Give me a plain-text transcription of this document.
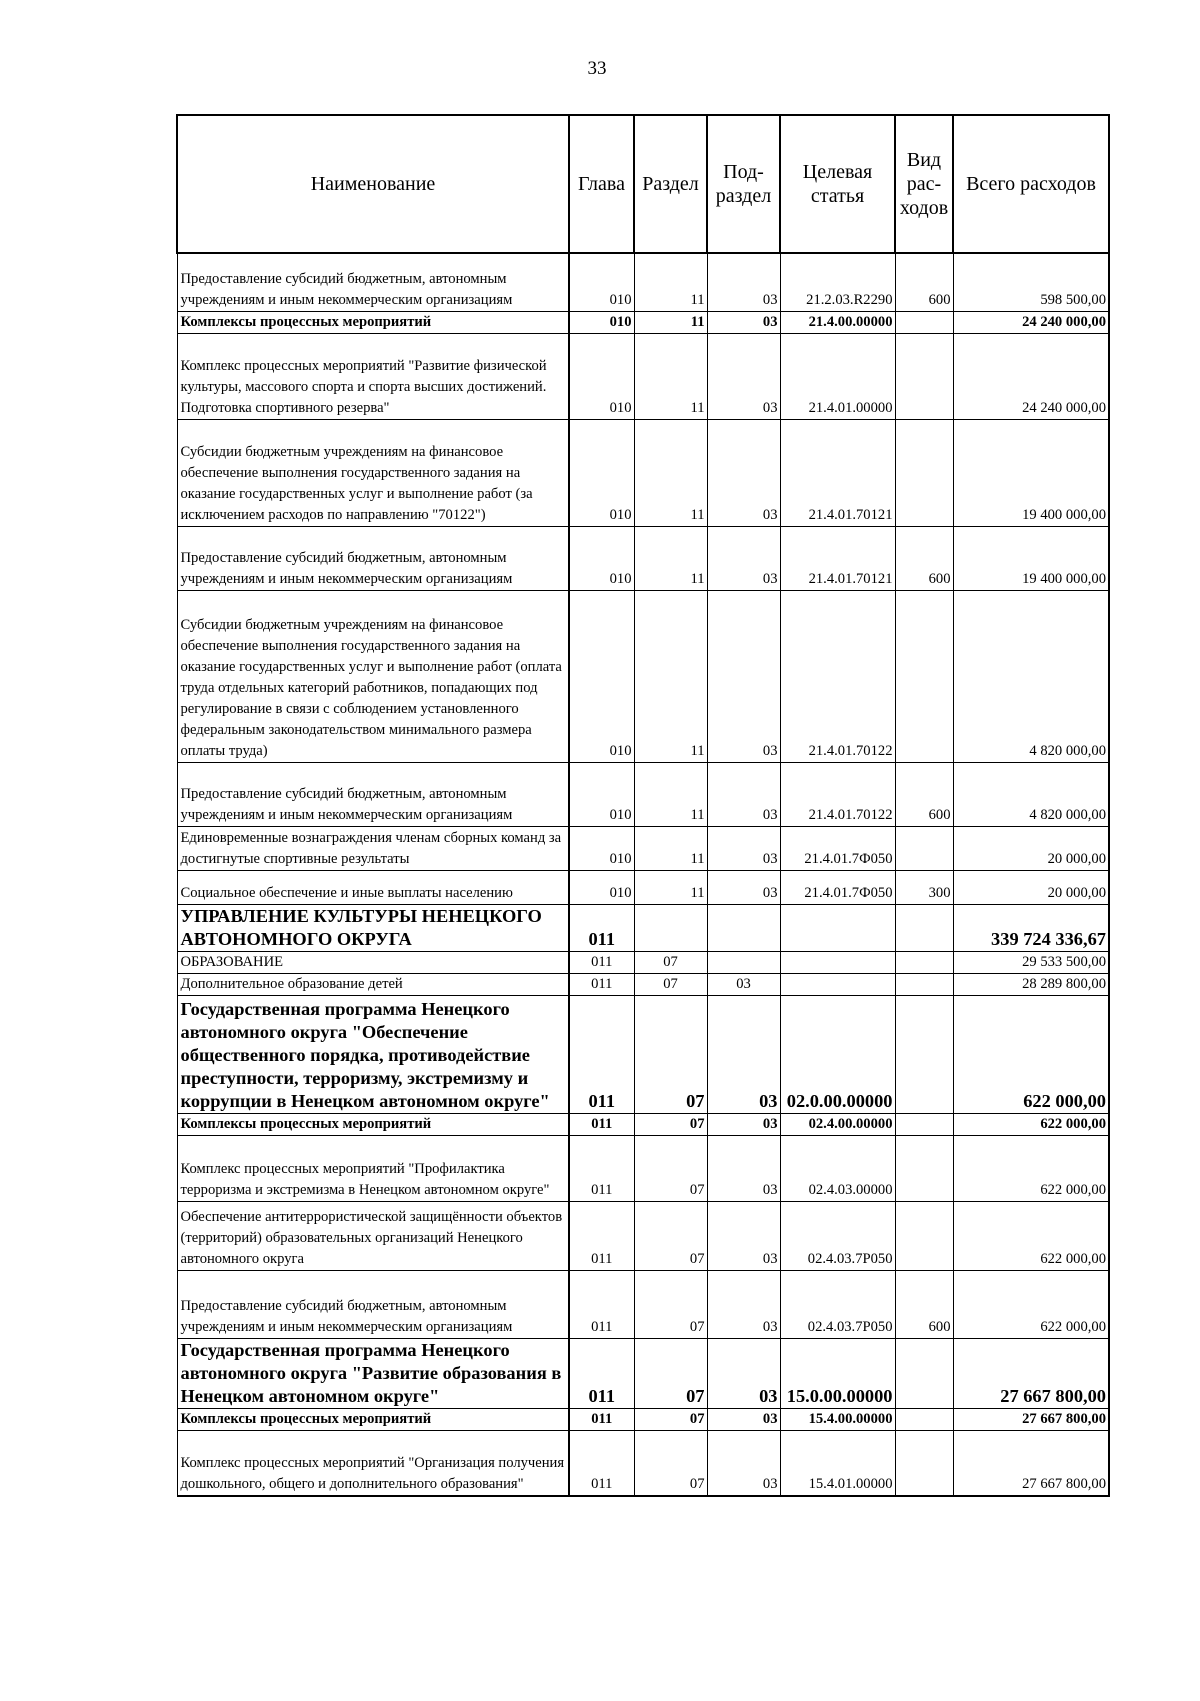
33
Наименование	Глава	Раздел	Под-раздел	Целевая статья	Вид рас-ходов	Всего расходов
Предоставление субсидий бюджетным, автономным учреждениям и иным некоммерческим организациям	010	11	03	21.2.03.R2290	600	598 500,00
Комплексы процессных мероприятий	010	11	03	21.4.00.00000		24 240 000,00
Комплекс процессных мероприятий "Развитие физической культуры, массового спорта и спорта высших достижений. Подготовка спортивного резерва"	010	11	03	21.4.01.00000		24 240 000,00
Субсидии бюджетным учреждениям на финансовое обеспечение выполнения государственного задания на оказание государственных услуг и выполнение работ (за исключением расходов по направлению "70122")	010	11	03	21.4.01.70121		19 400 000,00
Предоставление субсидий бюджетным, автономным учреждениям и иным некоммерческим организациям	010	11	03	21.4.01.70121	600	19 400 000,00
Субсидии бюджетным учреждениям на финансовое обеспечение выполнения государственного задания на оказание государственных услуг и выполнение работ (оплата труда отдельных категорий работников, попадающих под регулирование в связи с соблюдением установленного федеральным законодательством минимального размера оплаты труда)	010	11	03	21.4.01.70122		4 820 000,00
Предоставление субсидий бюджетным, автономным учреждениям и иным некоммерческим организациям	010	11	03	21.4.01.70122	600	4 820 000,00
Единовременные вознаграждения членам сборных команд за достигнутые спортивные результаты	010	11	03	21.4.01.7Ф050		20 000,00
Социальное обеспечение и иные выплаты населению	010	11	03	21.4.01.7Ф050	300	20 000,00
УПРАВЛЕНИЕ КУЛЬТУРЫ НЕНЕЦКОГО АВТОНОМНОГО ОКРУГА	011					339 724 336,67
ОБРАЗОВАНИЕ	011	07				29 533 500,00
Дополнительное образование детей	011	07	03			28 289 800,00
Государственная программа Ненецкого автономного округа "Обеспечение общественного порядка, противодействие преступности, терроризму, экстремизму и коррупции в Ненецком автономном округе"	011	07	03	02.0.00.00000		622 000,00
Комплексы процессных мероприятий	011	07	03	02.4.00.00000		622 000,00
Комплекс процессных мероприятий "Профилактика терроризма и экстремизма в Ненецком автономном округе"	011	07	03	02.4.03.00000		622 000,00
Обеспечение антитеррористической защищённости объектов (территорий) образовательных организаций Ненецкого автономного округа	011	07	03	02.4.03.7Р050		622 000,00
Предоставление субсидий бюджетным, автономным учреждениям и иным некоммерческим организациям	011	07	03	02.4.03.7Р050	600	622 000,00
Государственная программа Ненецкого автономного округа "Развитие образования в Ненецком автономном округе"	011	07	03	15.0.00.00000		27 667 800,00
Комплексы процессных мероприятий	011	07	03	15.4.00.00000		27 667 800,00
Комплекс процессных мероприятий "Организация получения дошкольного, общего и дополнительного образования"	011	07	03	15.4.01.00000		27 667 800,00
